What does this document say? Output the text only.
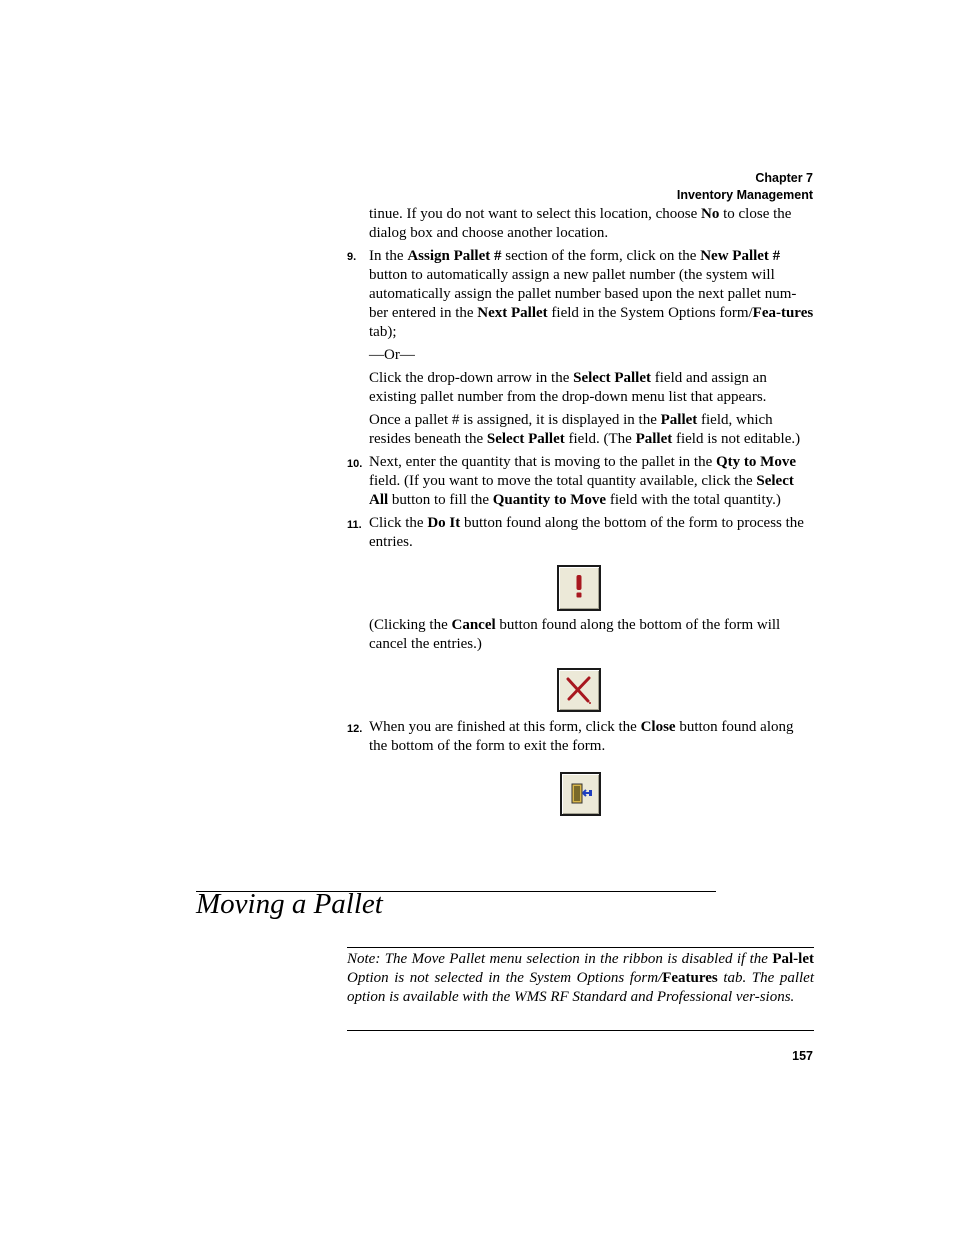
Chapter 7
Inventory Management
tinue. If you do not want to select this location, choose No to close the dialog box and choose another location.
9. In the Assign Pallet # section of the form, click on the New Pallet # button to automatically assign a new pallet number (the system will automatically assign the pallet number based upon the next pallet num-ber entered in the Next Pallet field in the System Options form/Fea-tures tab);
—Or—
Click the drop-down arrow in the Select Pallet field and assign an existing pallet number from the drop-down menu list that appears.
Once a pallet # is assigned, it is displayed in the Pallet field, which resides beneath the Select Pallet field. (The Pallet field is not editable.)
10. Next, enter the quantity that is moving to the pallet in the Qty to Move field. (If you want to move the total quantity available, click the Select All button to fill the Quantity to Move field with the total quantity.)
11. Click the Do It button found along the bottom of the form to process the entries.
(Clicking the Cancel button found along the bottom of the form will cancel the entries.)
12. When you are finished at this form, click the Close button found along the bottom of the form to exit the form.
Moving a Pallet
Note: The Move Pallet menu selection in the ribbon is disabled if the Pal-let Option is not selected in the System Options form/Features tab. The pallet option is available with the WMS RF Standard and Professional ver-sions.
157
